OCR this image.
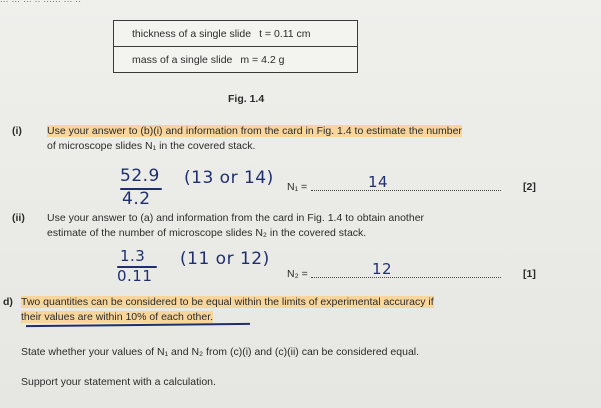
thickness of a single slide t = 0.11 cm
mass of a single slide m = 4.2 g
Fig. 1.4
(i) Use your answer to (b)(i) and information from the card in Fig. 1.4 to estimate the number
of microscope slides N₁ in the covered stack.
52.9
4.2
(13 or 14) N₁ =	14	[2]
(ii) Use your answer to (a) and information from the card in Fig. 1.4 to obtain another
estimate of the number of microscope slides N₂ in the covered stack.
1.3
0.11
(11 or 12)
N₂ =	12	[1]
d) Two quantities can be considered to be equal within the limits of experimental accuracy if
their values are within 10% of each other.
State whether your values of N₁ and N₂ from (c)(i) and (c)(ii) can be considered equal.
Support your statement with a calculation.
